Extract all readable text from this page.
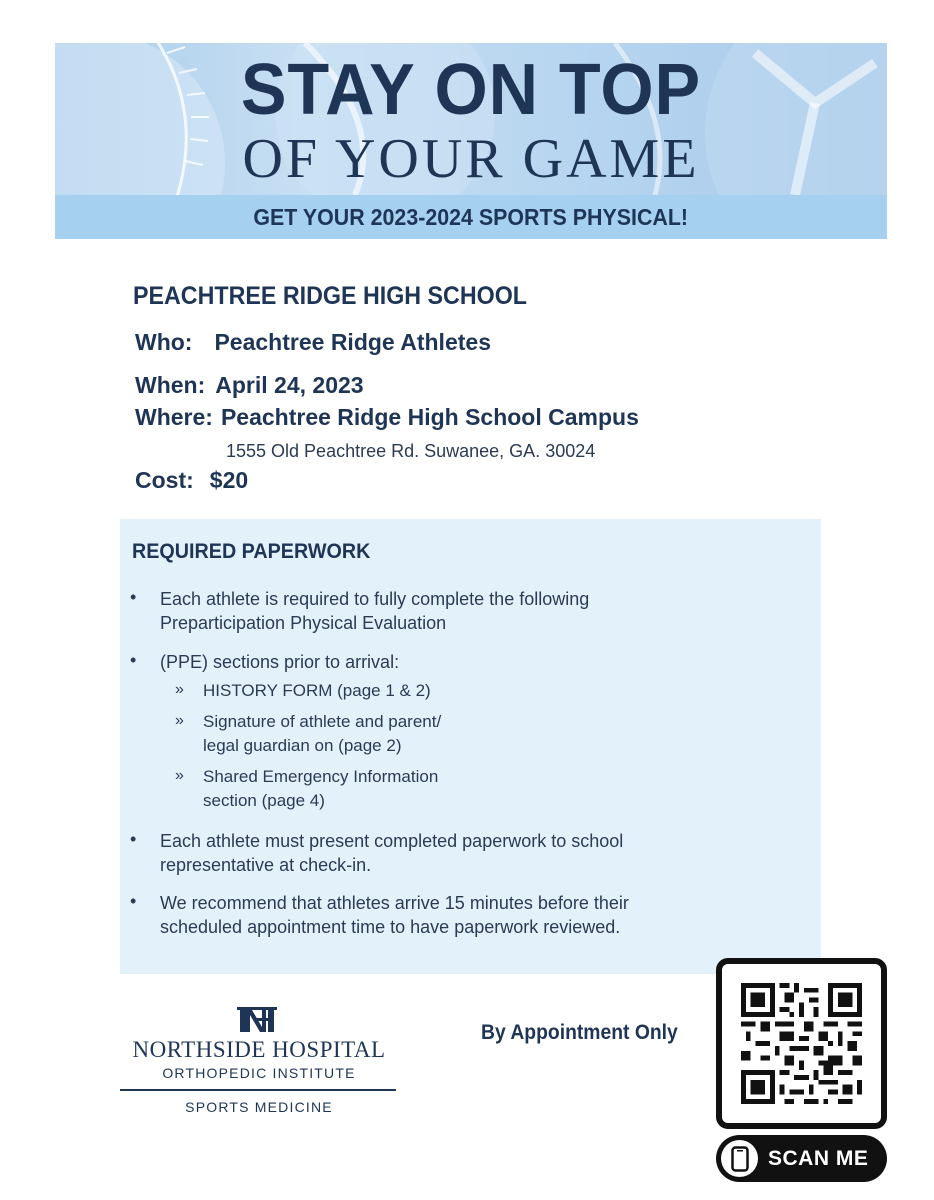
STAY ON TOP
OF YOUR GAME
GET YOUR 2023-2024 SPORTS PHYSICAL!
PEACHTREE RIDGE HIGH SCHOOL
Who: Peachtree Ridge Athletes
When: April 24, 2023
Where: Peachtree Ridge High School Campus
1555 Old Peachtree Rd. Suwanee, GA. 30024
Cost: $20
REQUIRED PAPERWORK
• Each athlete is required to fully complete the following
Preparticipation Physical Evaluation
• (PPE) sections prior to arrival:
» HISTORY FORM (page 1 & 2)
» Signature of athlete and parent/
legal guardian on (page 2)
» Shared Emergency Information
section (page 4)
• Each athlete must present completed paperwork to school
representative at check-in.
• We recommend that athletes arrive 15 minutes before their
scheduled appointment time to have paperwork reviewed.
NORTHSIDE HOSPITAL
ORTHOPEDIC INSTITUTE
SPORTS MEDICINE
By Appointment Only
SCAN ME
